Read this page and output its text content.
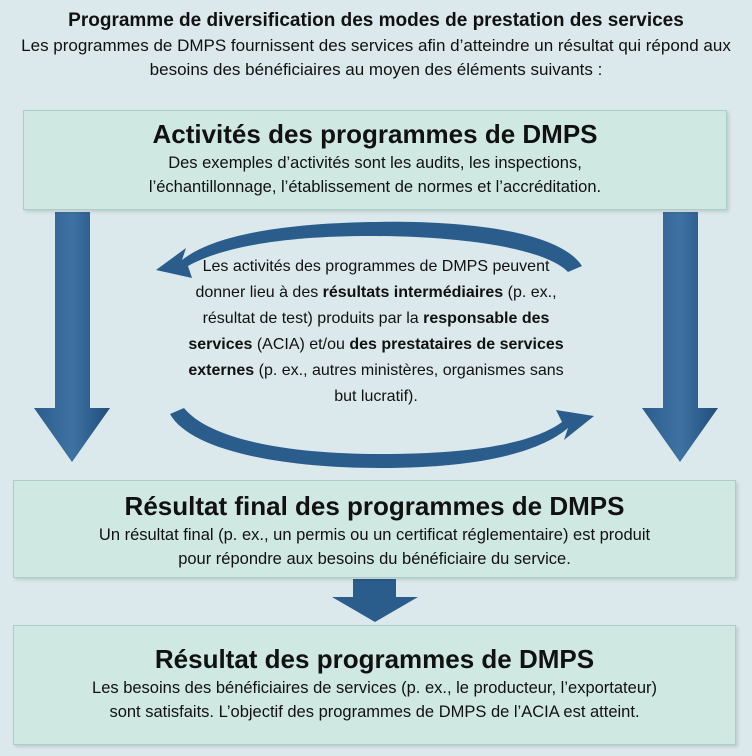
Programme de diversification des modes de prestation des services

Les programmes de DMPS fournissent des services afin d’atteindre un résultat qui répond aux besoins des bénéficiaires au moyen des éléments suivants :

Activités des programmes de DMPS

Des exemples d’activités sont les audits, les inspections,

l’échantillonnage, l’établissement de normes et l’accréditation.

Les activités des programmes de DMPS peuvent donner lieu à des résultats intermédiaires (p. ex., résultat de test) produits par la responsable des services (ACIA) et/ou des prestataires de services externes (p. ex., autres ministères, organismes sans but lucratif).

Résultat final des programmes de DMPS

Un résultat final (p. ex., un permis ou un certificat réglementaire) est produit

pour répondre aux besoins du bénéficiaire du service.

Résultat des programmes de DMPS

Les besoins des bénéficiaires de services (p. ex., le producteur, l’exportateur)

sont satisfaits. L’objectif des programmes de DMPS de l’ACIA est atteint.
